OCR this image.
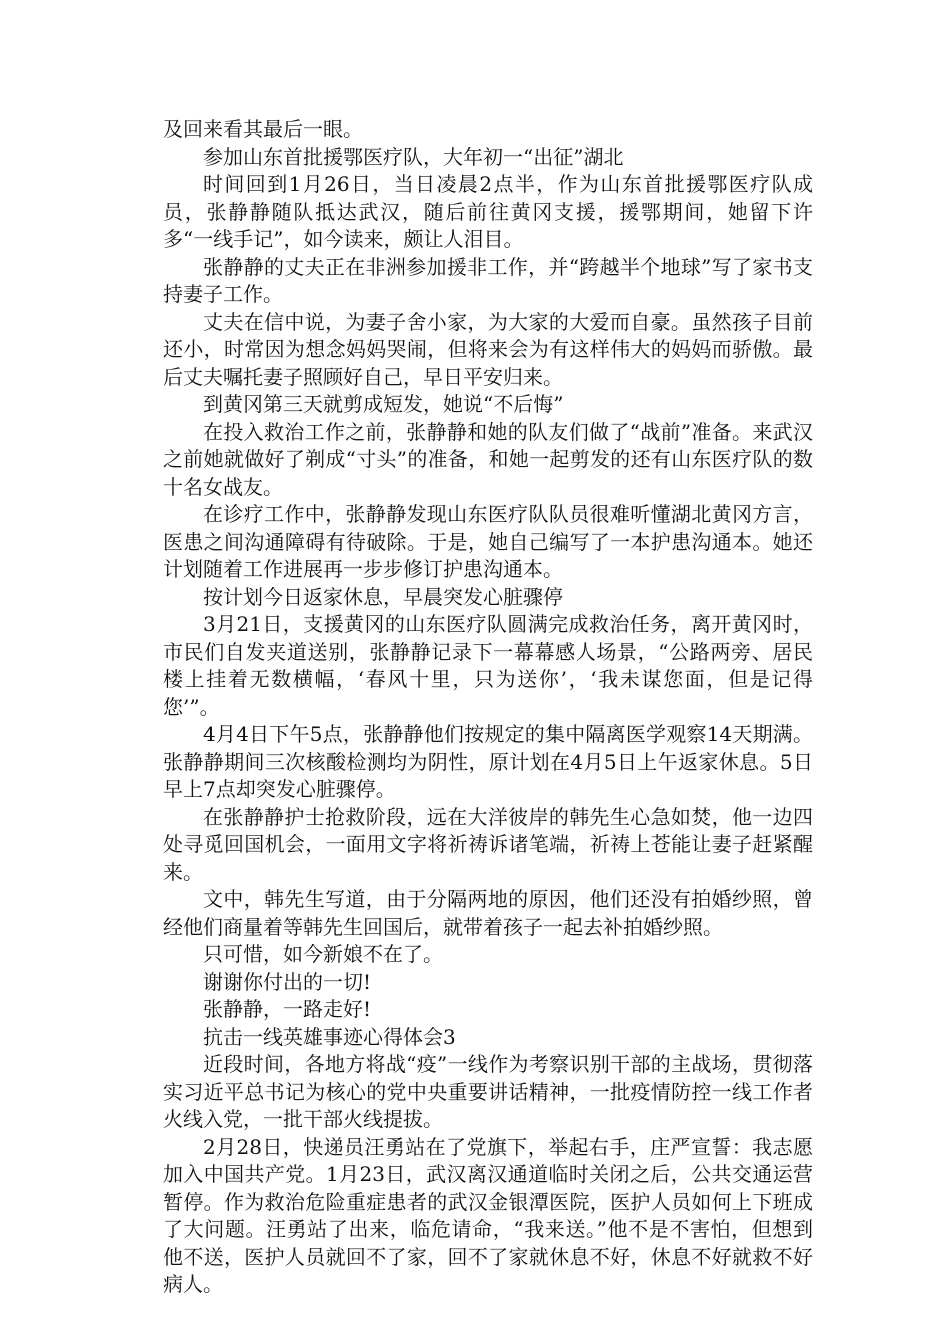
及回来看其最后一眼。

参加山东首批援鄂医疗队，大年初一“出征”湖北

时间回到1月26日，当日凌晨2点半，作为山东首批援鄂医疗队成员，张静静随队抵达武汉，随后前往黄冈支援，援鄂期间，她留下许多“一线手记”，如今读来，颇让人泪目。

张静静的丈夫正在非洲参加援非工作，并“跨越半个地球”写了家书支持妻子工作。

丈夫在信中说，为妻子舍小家，为大家的大爱而自豪。虽然孩子目前还小，时常因为想念妈妈哭闹，但将来会为有这样伟大的妈妈而骄傲。最后丈夫嘱托妻子照顾好自己，早日平安归来。

到黄冈第三天就剪成短发，她说“不后悔”

在投入救治工作之前，张静静和她的队友们做了“战前”准备。来武汉之前她就做好了剃成“寸头”的准备，和她一起剪发的还有山东医疗队的数十名女战友。

在诊疗工作中，张静静发现山东医疗队队员很难听懂湖北黄冈方言，医患之间沟通障碍有待破除。于是，她自己编写了一本护患沟通本。她还计划随着工作进展再一步步修订护患沟通本。

按计划今日返家休息，早晨突发心脏骤停

3月21日，支援黄冈的山东医疗队圆满完成救治任务，离开黄冈时，市民们自发夹道送别，张静静记录下一幕幕感人场景，“公路两旁、居民楼上挂着无数横幅，‘春风十里，只为送你’，‘我未谋您面，但是记得您’”。

4月4日下午5点，张静静他们按规定的集中隔离医学观察14天期满。张静静期间三次核酸检测均为阴性，原计划在4月5日上午返家休息。5日早上7点却突发心脏骤停。

在张静静护士抢救阶段，远在大洋彼岸的韩先生心急如焚，他一边四处寻觅回国机会，一面用文字将祈祷诉诸笔端，祈祷上苍能让妻子赶紧醒来。

文中，韩先生写道，由于分隔两地的原因，他们还没有拍婚纱照，曾经他们商量着等韩先生回国后，就带着孩子一起去补拍婚纱照。

只可惜，如今新娘不在了。

谢谢你付出的一切!

张静静，一路走好!

抗击一线英雄事迹心得体会3

近段时间，各地方将战“疫”一线作为考察识别干部的主战场，贯彻落实习近平总书记为核心的党中央重要讲话精神，一批疫情防控一线工作者火线入党，一批干部火线提拔。

2月28日，快递员汪勇站在了党旗下，举起右手，庄严宣誓：我志愿加入中国共产党。1月23日，武汉离汉通道临时关闭之后，公共交通运营暂停。作为救治危险重症患者的武汉金银潭医院，医护人员如何上下班成了大问题。汪勇站了出来，临危请命，“我来送。”他不是不害怕，但想到他不送，医护人员就回不了家，回不了家就休息不好，休息不好就救不好病人。
